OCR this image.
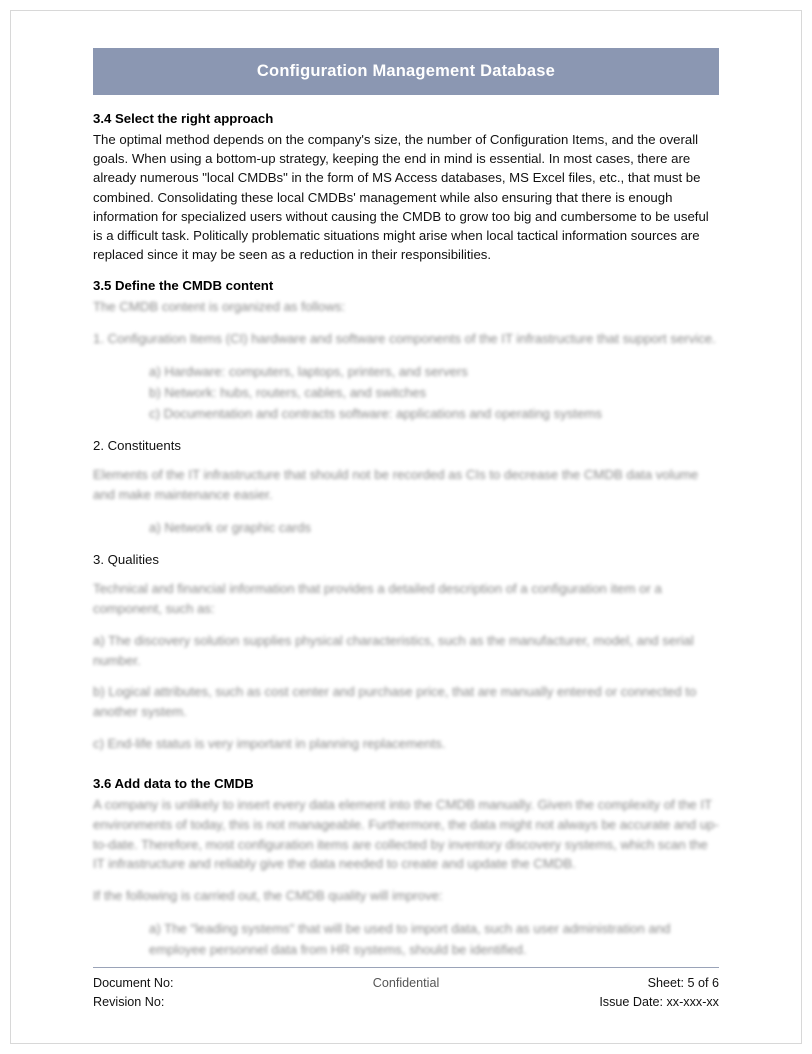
Configuration Management Database
3.4 Select the right approach

The optimal method depends on the company's size, the number of Configuration Items, and the overall goals. When using a bottom-up strategy, keeping the end in mind is essential. In most cases, there are already numerous "local CMDBs" in the form of MS Access databases, MS Excel files, etc., that must be combined. Consolidating these local CMDBs' management while also ensuring that there is enough information for specialized users without causing the CMDB to grow too big and cumbersome to be useful is a difficult task. Politically problematic situations might arise when local tactical information sources are replaced since it may be seen as a reduction in their responsibilities.

3.5 Define the CMDB content
The CMDB content is organized as follows:
1. Configuration Items (CI) hardware and software components of the IT infrastructure that support service.
a) Hardware: computers, laptops, printers, and servers
b) Network: hubs, routers, cables, and switches
c) Documentation and contracts software: applications and operating systems
2. Constituents
Elements of the IT infrastructure that should not be recorded as CIs to decrease the CMDB data volume and make maintenance easier.
a) Network or graphic cards
3. Qualities
Technical and financial information that provides a detailed description of a configuration item or a component, such as:
a) The discovery solution supplies physical characteristics, such as the manufacturer, model, and serial number.
b) Logical attributes, such as cost center and purchase price, that are manually entered or connected to another system.
c) End-life status is very important in planning replacements.
3.6 Add data to the CMDB
A company is unlikely to insert every data element into the CMDB manually. Given the complexity of the IT environments of today, this is not manageable. Furthermore, the data might not always be accurate and up-to-date. Therefore, most configuration items are collected by inventory discovery systems, which scan the IT infrastructure and reliably give the data needed to create and update the CMDB.
If the following is carried out, the CMDB quality will improve:
a) The "leading systems" that will be used to import data, such as user administration and employee personnel data from HR systems, should be identified.
Document No:	Confidential	Sheet: 5 of 6
Revision No:	Issue Date: xx-xxx-xx
